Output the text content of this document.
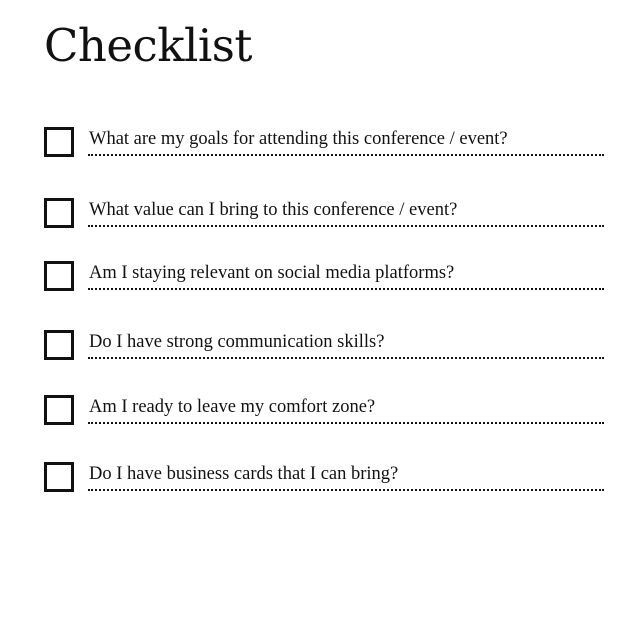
Checklist
What are my goals for attending this conference / event?
What value can I bring to this conference / event?
Am I staying relevant on social media platforms?
Do I have strong communication skills?
Am I ready to leave my comfort zone?
Do I have business cards that I can bring?
